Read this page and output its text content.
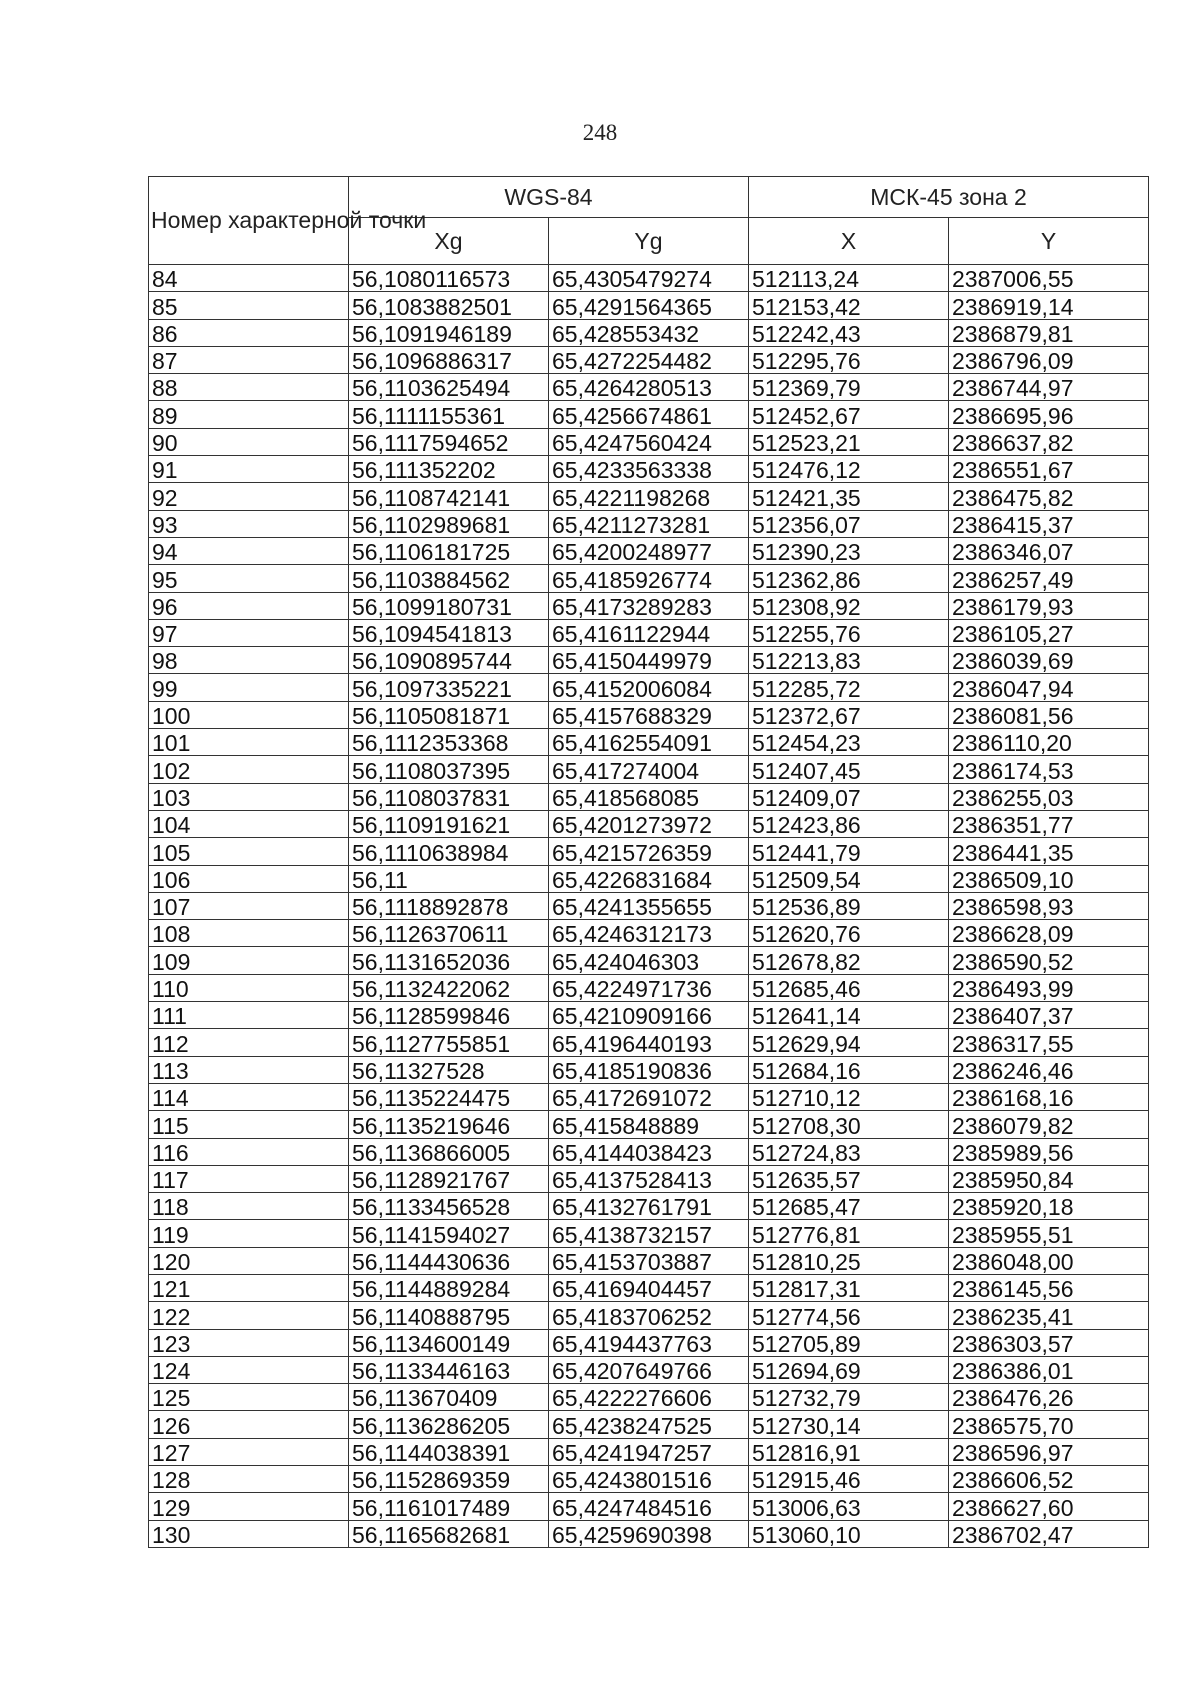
248
Номер характерной точки	WGS-84		МСК-45 зона 2	
	Xg	Yg	X	Y
84	56,1080116573	65,4305479274	512113,24	2387006,55
85	56,1083882501	65,4291564365	512153,42	2386919,14
86	56,1091946189	65,428553432	512242,43	2386879,81
87	56,1096886317	65,4272254482	512295,76	2386796,09
88	56,1103625494	65,4264280513	512369,79	2386744,97
89	56,1111155361	65,4256674861	512452,67	2386695,96
90	56,1117594652	65,4247560424	512523,21	2386637,82
91	56,111352202	65,4233563338	512476,12	2386551,67
92	56,1108742141	65,4221198268	512421,35	2386475,82
93	56,1102989681	65,4211273281	512356,07	2386415,37
94	56,1106181725	65,4200248977	512390,23	2386346,07
95	56,1103884562	65,4185926774	512362,86	2386257,49
96	56,1099180731	65,4173289283	512308,92	2386179,93
97	56,1094541813	65,4161122944	512255,76	2386105,27
98	56,1090895744	65,4150449979	512213,83	2386039,69
99	56,1097335221	65,4152006084	512285,72	2386047,94
100	56,1105081871	65,4157688329	512372,67	2386081,56
101	56,1112353368	65,4162554091	512454,23	2386110,20
102	56,1108037395	65,417274004	512407,45	2386174,53
103	56,1108037831	65,418568085	512409,07	2386255,03
104	56,1109191621	65,4201273972	512423,86	2386351,77
105	56,1110638984	65,4215726359	512441,79	2386441,35
106	56,11	65,4226831684	512509,54	2386509,10
107	56,1118892878	65,4241355655	512536,89	2386598,93
108	56,1126370611	65,4246312173	512620,76	2386628,09
109	56,1131652036	65,424046303	512678,82	2386590,52
110	56,1132422062	65,4224971736	512685,46	2386493,99
111	56,1128599846	65,4210909166	512641,14	2386407,37
112	56,1127755851	65,4196440193	512629,94	2386317,55
113	56,11327528	65,4185190836	512684,16	2386246,46
114	56,1135224475	65,4172691072	512710,12	2386168,16
115	56,1135219646	65,415848889	512708,30	2386079,82
116	56,1136866005	65,4144038423	512724,83	2385989,56
117	56,1128921767	65,4137528413	512635,57	2385950,84
118	56,1133456528	65,4132761791	512685,47	2385920,18
119	56,1141594027	65,4138732157	512776,81	2385955,51
120	56,1144430636	65,4153703887	512810,25	2386048,00
121	56,1144889284	65,4169404457	512817,31	2386145,56
122	56,1140888795	65,4183706252	512774,56	2386235,41
123	56,1134600149	65,4194437763	512705,89	2386303,57
124	56,1133446163	65,4207649766	512694,69	2386386,01
125	56,113670409	65,4222276606	512732,79	2386476,26
126	56,1136286205	65,4238247525	512730,14	2386575,70
127	56,1144038391	65,4241947257	512816,91	2386596,97
128	56,1152869359	65,4243801516	512915,46	2386606,52
129	56,1161017489	65,4247484516	513006,63	2386627,60
130	56,1165682681	65,4259690398	513060,10	2386702,47
